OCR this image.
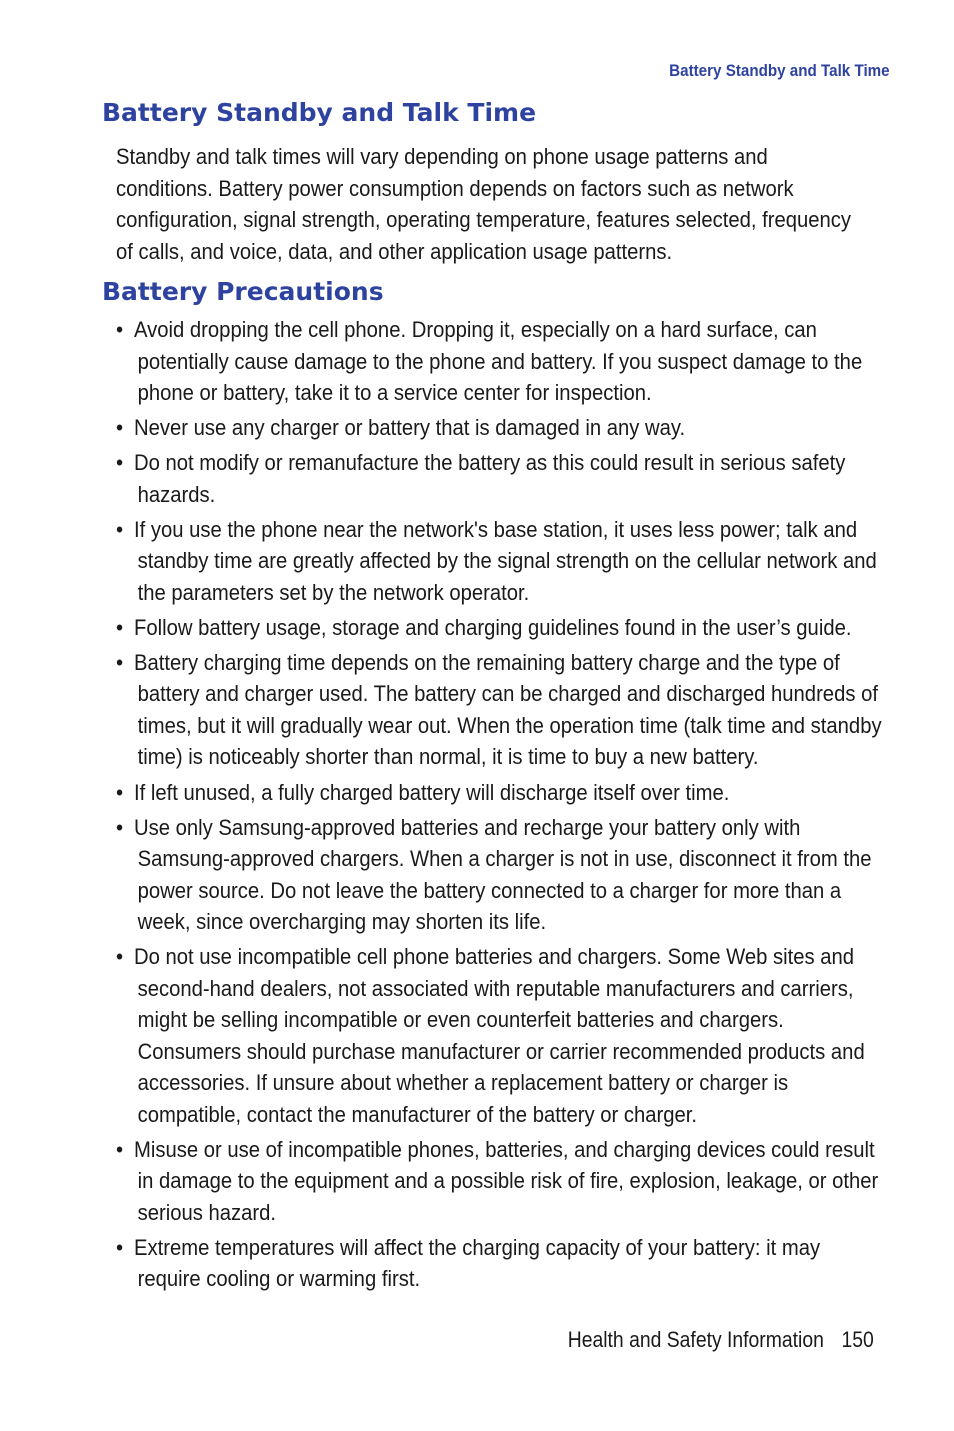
Battery Standby and Talk Time
Battery Standby and Talk Time

Standby and talk times will vary depending on phone usage patterns and conditions. Battery power consumption depends on factors such as network configuration, signal strength, operating temperature, features selected, frequency of calls, and voice, data, and other application usage patterns.

Battery Precautions
• Avoid dropping the cell phone. Dropping it, especially on a hard surface, can potentially cause damage to the phone and battery. If you suspect damage to the phone or battery, take it to a service center for inspection.
• Never use any charger or battery that is damaged in any way.
• Do not modify or remanufacture the battery as this could result in serious safety hazards.
• If you use the phone near the network's base station, it uses less power; talk and standby time are greatly affected by the signal strength on the cellular network and the parameters set by the network operator.
• Follow battery usage, storage and charging guidelines found in the user’s guide.
• Battery charging time depends on the remaining battery charge and the type of battery and charger used. The battery can be charged and discharged hundreds of times, but it will gradually wear out. When the operation time (talk time and standby time) is noticeably shorter than normal, it is time to buy a new battery.
• If left unused, a fully charged battery will discharge itself over time.
• Use only Samsung-approved batteries and recharge your battery only with Samsung-approved chargers. When a charger is not in use, disconnect it from the power source. Do not leave the battery connected to a charger for more than a week, since overcharging may shorten its life.
• Do not use incompatible cell phone batteries and chargers. Some Web sites and second-hand dealers, not associated with reputable manufacturers and carriers, might be selling incompatible or even counterfeit batteries and chargers. Consumers should purchase manufacturer or carrier recommended products and accessories. If unsure about whether a replacement battery or charger is compatible, contact the manufacturer of the battery or charger.
• Misuse or use of incompatible phones, batteries, and charging devices could result in damage to the equipment and a possible risk of fire, explosion, leakage, or other serious hazard.
• Extreme temperatures will affect the charging capacity of your battery: it may require cooling or warming first.
Health and Safety Information 150
